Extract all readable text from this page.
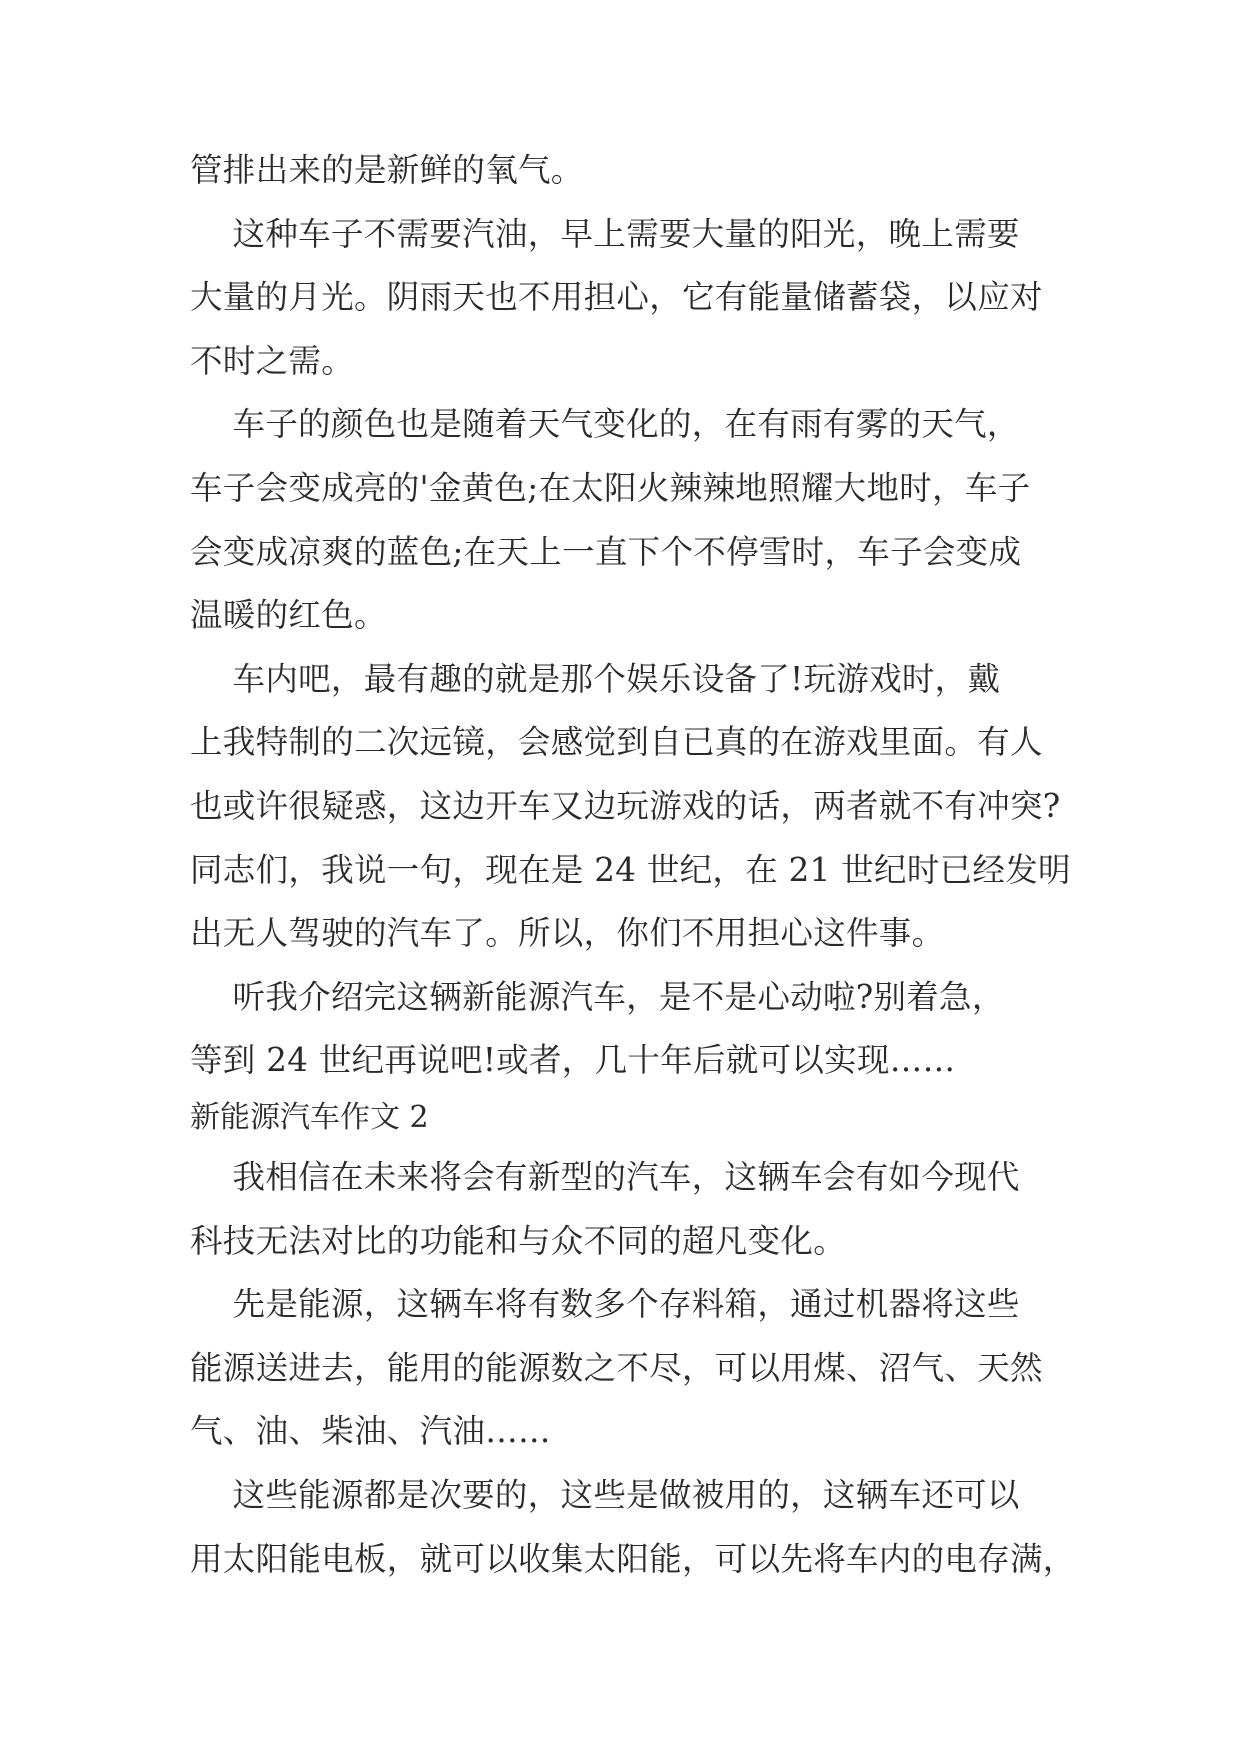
管排出来的是新鲜的氧气。
这种车子不需要汽油，早上需要大量的阳光，晚上需要
大量的月光。阴雨天也不用担心，它有能量储蓄袋，以应对
不时之需。
车子的颜色也是随着天气变化的，在有雨有雾的天气，
车子会变成亮的'金黄色;在太阳火辣辣地照耀大地时，车子
会变成凉爽的蓝色;在天上一直下个不停雪时，车子会变成
温暖的红色。
车内吧，最有趣的就是那个娱乐设备了!玩游戏时，戴
上我特制的二次远镜，会感觉到自已真的在游戏里面。有人
也或许很疑惑，这边开车又边玩游戏的话，两者就不有冲突?
同志们，我说一句，现在是 24 世纪，在 21 世纪时已经发明
出无人驾驶的汽车了。所以，你们不用担心这件事。
听我介绍完这辆新能源汽车，是不是心动啦?别着急，
等到 24 世纪再说吧!或者，几十年后就可以实现……
新能源汽车作文 2
我相信在未来将会有新型的汽车，这辆车会有如今现代
科技无法对比的功能和与众不同的超凡变化。
先是能源，这辆车将有数多个存料箱，通过机器将这些
能源送进去，能用的能源数之不尽，可以用煤、沼气、天然
气、油、柴油、汽油……
这些能源都是次要的，这些是做被用的，这辆车还可以
用太阳能电板，就可以收集太阳能，可以先将车内的电存满，
